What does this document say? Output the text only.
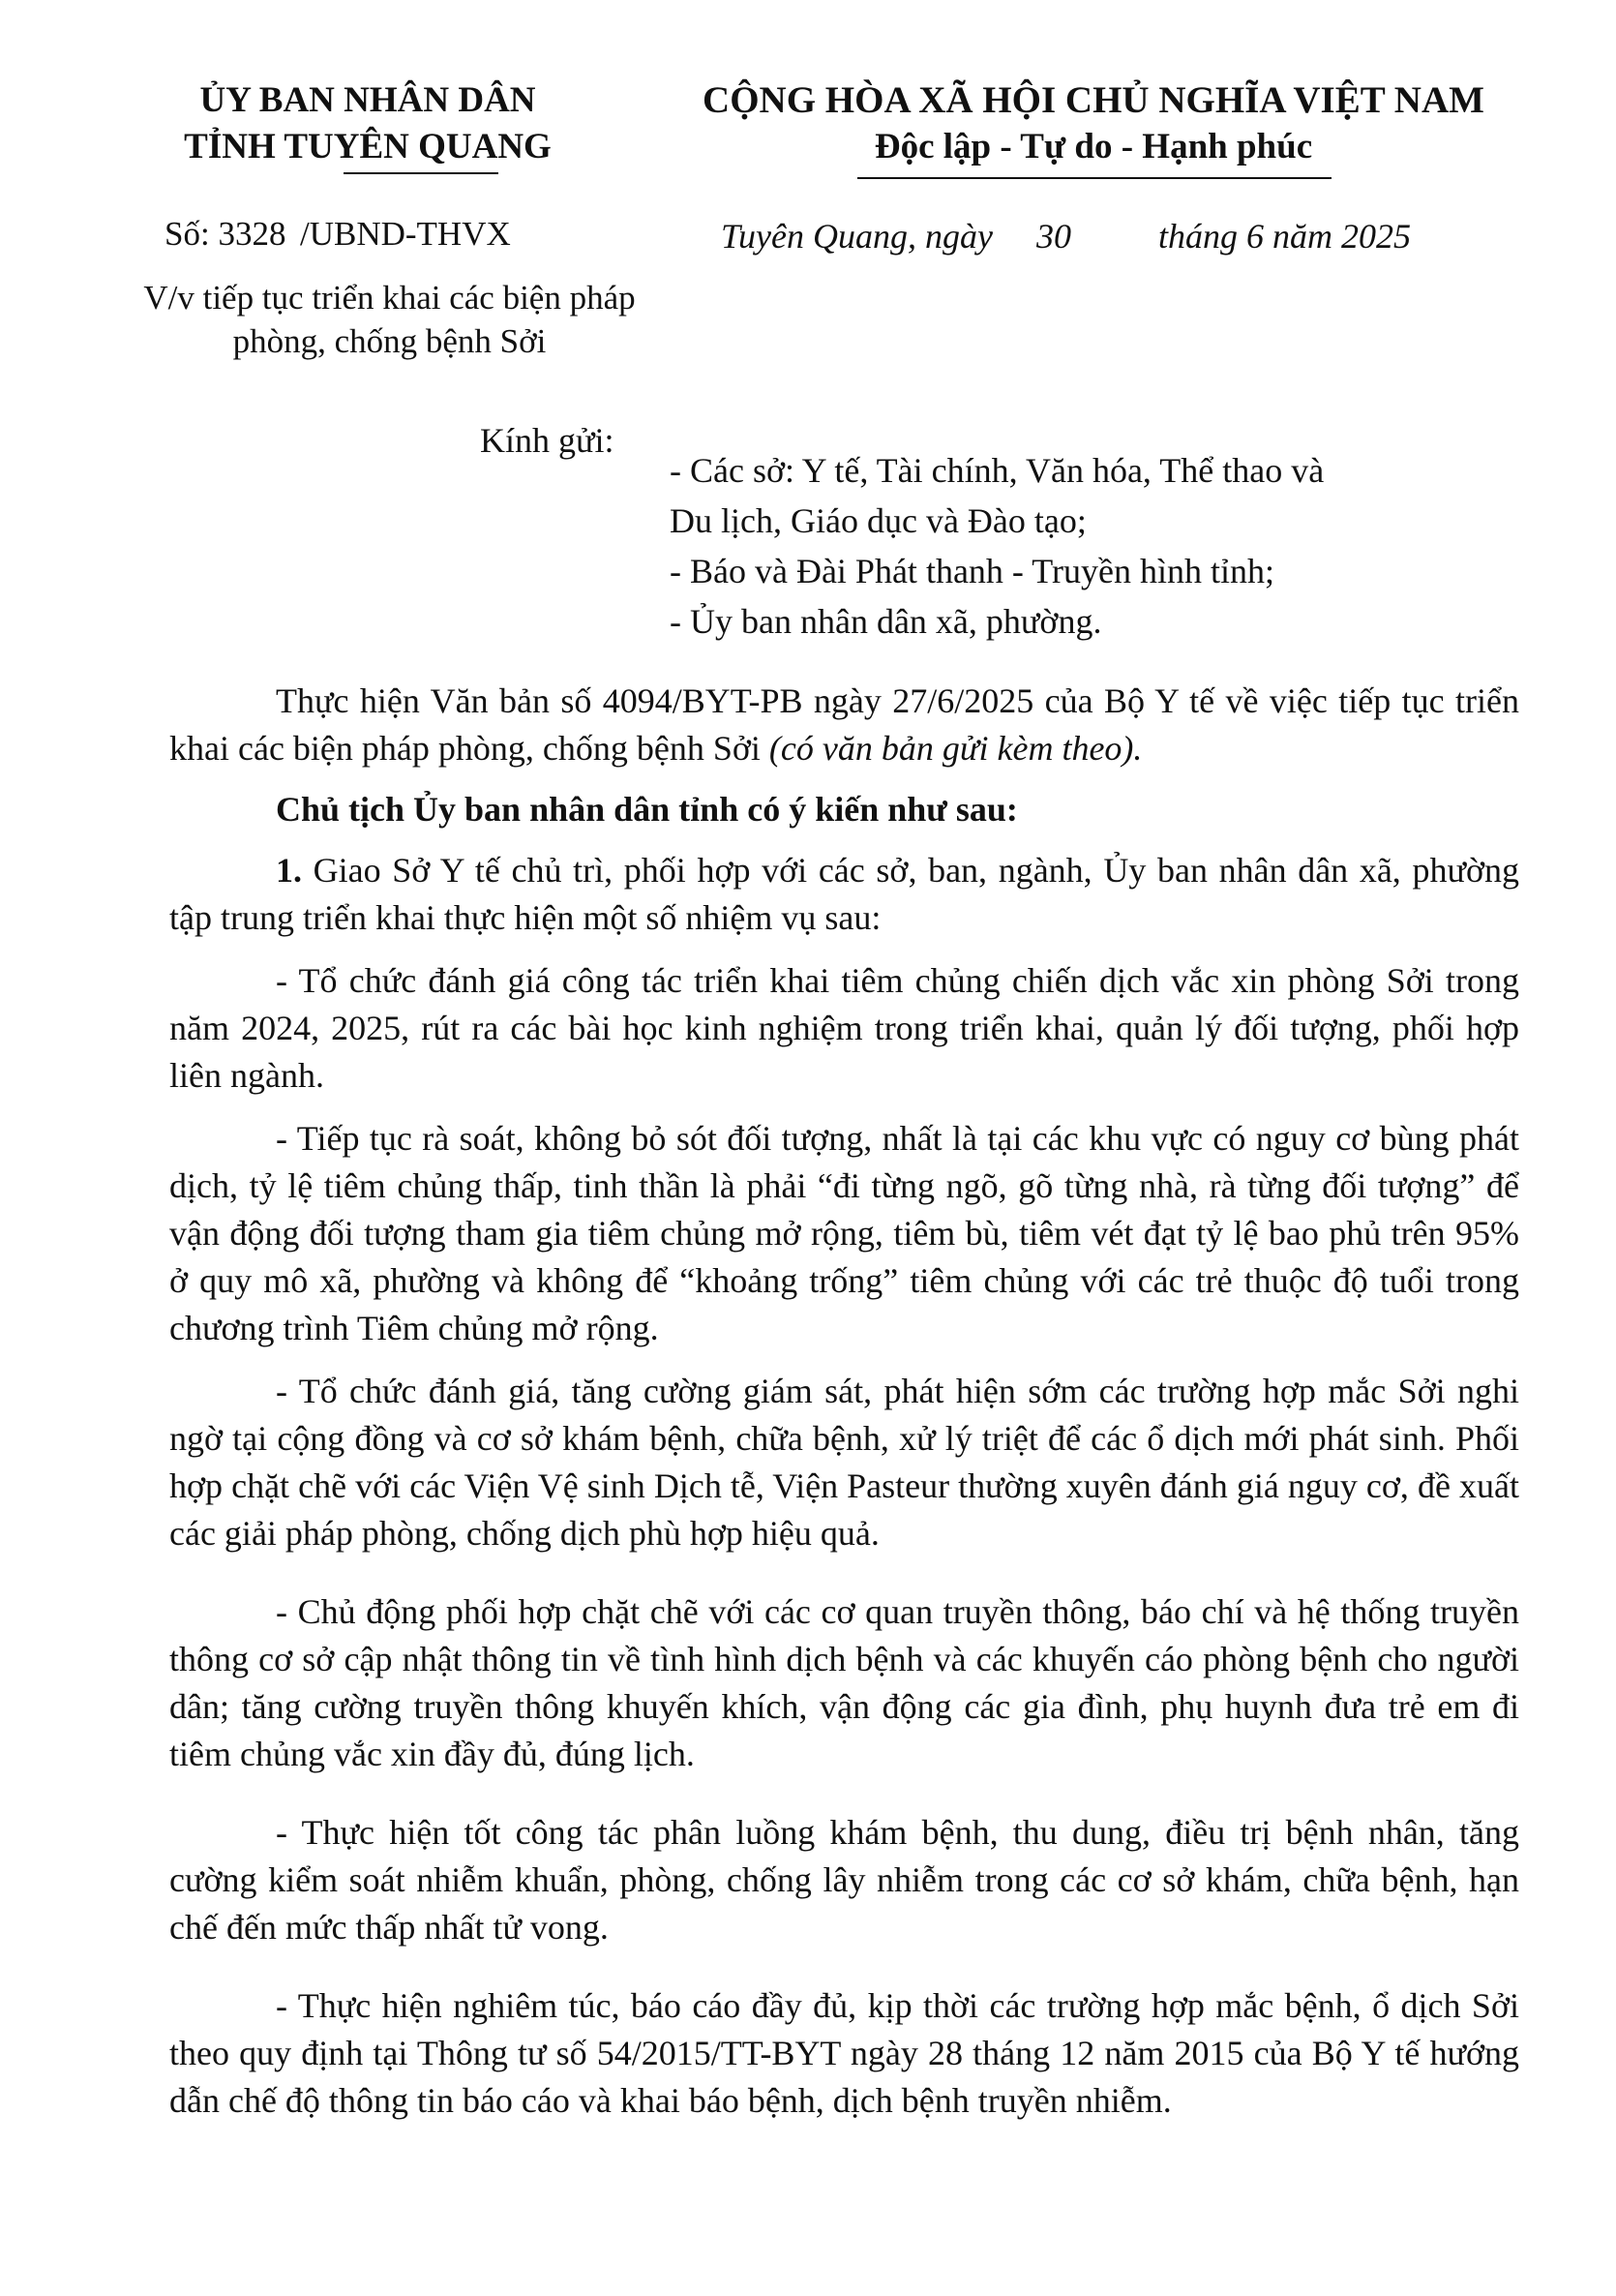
ỦY BAN NHÂN DÂN
TỈNH TUYÊN QUANG
CỘNG HÒA XÃ HỘI CHỦ NGHĨA VIỆT NAM
Độc lập - Tự do - Hạnh phúc
Số: 3328 /UBND-THVX	Tuyên Quang, ngày     30          tháng 6 năm 2025
V/v tiếp tục triển khai các biện pháp
phòng, chống bệnh Sởi
Kính gửi:
- Các sở: Y tế, Tài chính, Văn hóa, Thể thao và
Du lịch, Giáo dục và Đào tạo;
- Báo và Đài Phát thanh - Truyền hình tỉnh;
- Ủy ban nhân dân xã, phường.

Thực hiện Văn bản số 4094/BYT-PB ngày 27/6/2025 của Bộ Y tế về việc tiếp tục triển khai các biện pháp phòng, chống bệnh Sởi (có văn bản gửi kèm theo).

Chủ tịch Ủy ban nhân dân tỉnh có ý kiến như sau:

1. Giao Sở Y tế chủ trì, phối hợp với các sở, ban, ngành, Ủy ban nhân dân xã, phường tập trung triển khai thực hiện một số nhiệm vụ sau:

- Tổ chức đánh giá công tác triển khai tiêm chủng chiến dịch vắc xin phòng Sởi trong năm 2024, 2025, rút ra các bài học kinh nghiệm trong triển khai, quản lý đối tượng, phối hợp liên ngành.

- Tiếp tục rà soát, không bỏ sót đối tượng, nhất là tại các khu vực có nguy cơ bùng phát dịch, tỷ lệ tiêm chủng thấp, tinh thần là phải “đi từng ngõ, gõ từng nhà, rà từng đối tượng” để vận động đối tượng tham gia tiêm chủng mở rộng, tiêm bù, tiêm vét đạt tỷ lệ bao phủ trên 95% ở quy mô xã, phường và không để “khoảng trống” tiêm chủng với các trẻ thuộc độ tuổi trong chương trình Tiêm chủng mở rộng.

- Tổ chức đánh giá, tăng cường giám sát, phát hiện sớm các trường hợp mắc Sởi nghi ngờ tại cộng đồng và cơ sở khám bệnh, chữa bệnh, xử lý triệt để các ổ dịch mới phát sinh. Phối hợp chặt chẽ với các Viện Vệ sinh Dịch tễ, Viện Pasteur thường xuyên đánh giá nguy cơ, đề xuất các giải pháp phòng, chống dịch phù hợp hiệu quả.

- Chủ động phối hợp chặt chẽ với các cơ quan truyền thông, báo chí và hệ thống truyền thông cơ sở cập nhật thông tin về tình hình dịch bệnh và các khuyến cáo phòng bệnh cho người dân; tăng cường truyền thông khuyến khích, vận động các gia đình, phụ huynh đưa trẻ em đi tiêm chủng vắc xin đầy đủ, đúng lịch.

- Thực hiện tốt công tác phân luồng khám bệnh, thu dung, điều trị bệnh nhân, tăng cường kiểm soát nhiễm khuẩn, phòng, chống lây nhiễm trong các cơ sở khám, chữa bệnh, hạn chế đến mức thấp nhất tử vong.

- Thực hiện nghiêm túc, báo cáo đầy đủ, kịp thời các trường hợp mắc bệnh, ổ dịch Sởi theo quy định tại Thông tư số 54/2015/TT-BYT ngày 28 tháng 12 năm 2015 của Bộ Y tế hướng dẫn chế độ thông tin báo cáo và khai báo bệnh, dịch bệnh truyền nhiễm.
